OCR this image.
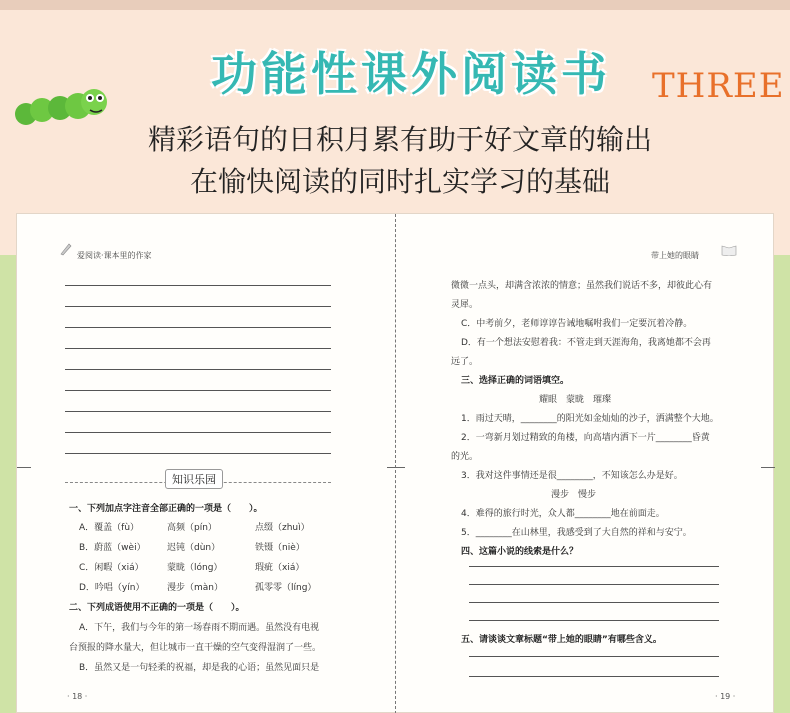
功能性课外阅读书	THREE
精彩语句的日积月累有助于好文章的输出
在愉快阅读的同时扎实学习的基础
爱阅读·课本里的作家
知识乐园
一、下列加点字注音全部正确的一项是（　　）。
A．覆盖（fù）	高频（pín）	点缀（zhuì）
B．蔚蓝（wèi）	迟钝（dùn）	铁镊（niè）
C．闲暇（xiá）	蒙眬（lóng）	瑕疵（xiá）
D．吟唱（yín）	漫步（màn）	孤零零（líng）
二、下列成语使用不正确的一项是（　　）。
A．下午，我们与今年的第一场春雨不期而遇。虽然没有电视
台预报的降水量大，但让城市一直干燥的空气变得湿润了一些。
B．虽然又是一句轻柔的祝福，却是我的心语；虽然见面只是
· 18 ·
带上她的眼睛
微微一点头，却满含浓浓的情意；虽然我们说话不多，却彼此心有
灵犀。
C．中考前夕，老师谆谆告诫地嘱咐我们一定要沉着冷静。
D．有一个想法安慰着我：不管走到天涯海角，我离她都不会再
远了。
三、选择正确的词语填空。
耀眼　蒙眬　璀璨
1．雨过天晴，________的阳光如金灿灿的沙子，洒满整个大地。
2．一弯新月划过精致的角楼，向高墙内洒下一片________昏黄
的光。
3．我对这件事情还是很________，不知该怎么办是好。
漫步　慢步
4．难得的旅行时光，众人都________地在前面走。
5．________在山林里，我感受到了大自然的祥和与安宁。
四、这篇小说的线索是什么？
五、请谈谈文章标题“带上她的眼睛”有哪些含义。
· 19 ·
